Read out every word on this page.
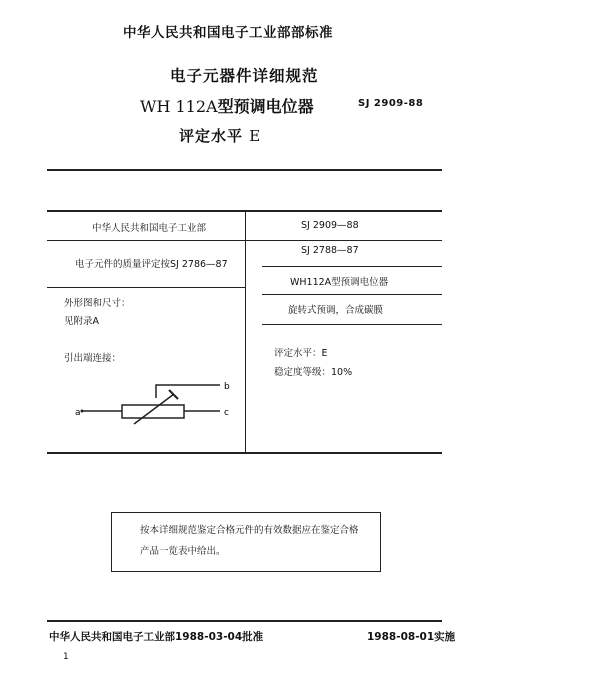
中华人民共和国电子工业部部标准
电子元器件详细规范
WH 112A型预调电位器	SJ 2909-88
评定水平 E
中华人民共和国电子工业部
电子元件的质量评定按SJ 2786—87
外形图和尺寸：
见附录A
引出端连接：
SJ 2909—88
SJ 2788—87
WH112A型预调电位器
旋转式预调，合成碳膜
评定水平：E
稳定度等级：10%
a
b
c
按本详细规范鉴定合格元件的有效数据应在鉴定合格
产品一览表中给出。
中华人民共和国电子工业部1988-03-04批准	1988-08-01实施
1
